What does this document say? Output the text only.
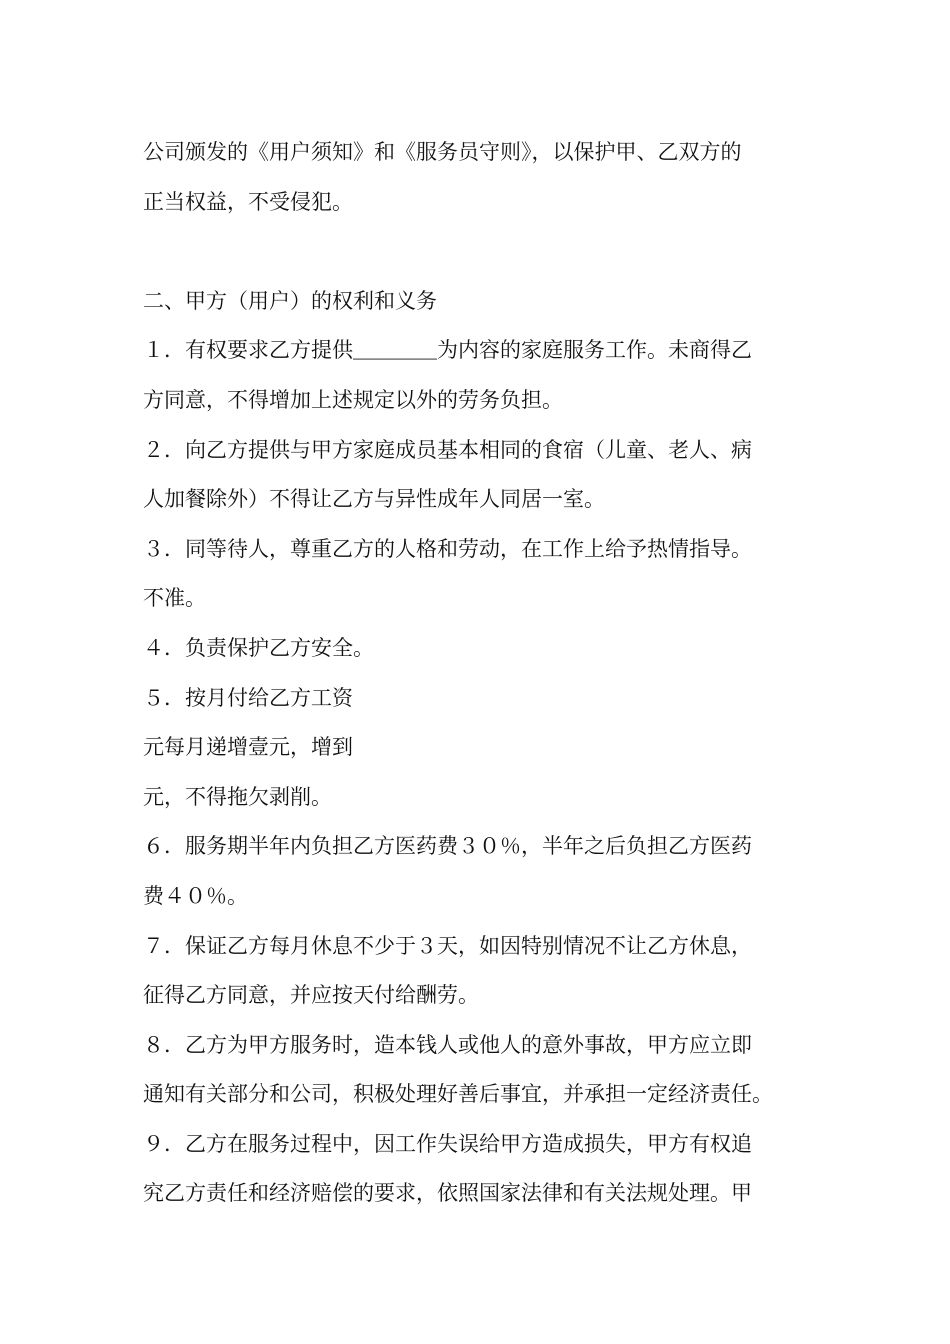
公司颁发的《用户须知》和《服务员守则》，以保护甲、乙双方的
正当权益，不受侵犯。
二、甲方（用户）的权利和义务
１．有权要求乙方提供＿＿＿＿为内容的家庭服务工作。未商得乙
方同意，不得增加上述规定以外的劳务负担。
２．向乙方提供与甲方家庭成员基本相同的食宿（儿童、老人、病
人加餐除外）不得让乙方与异性成年人同居一室。
３．同等待人，尊重乙方的人格和劳动，在工作上给予热情指导。
不准。
４．负责保护乙方安全。
５．按月付给乙方工资
元每月递增壹元，增到
元，不得拖欠剥削。
６．服务期半年内负担乙方医药费３０％，半年之后负担乙方医药
费４０％。
７．保证乙方每月休息不少于３天，如因特别情况不让乙方休息，
征得乙方同意，并应按天付给酬劳。
８．乙方为甲方服务时，造本钱人或他人的意外事故，甲方应立即
通知有关部分和公司，积极处理好善后事宜，并承担一定经济责任。
９．乙方在服务过程中，因工作失误给甲方造成损失，甲方有权追
究乙方责任和经济赔偿的要求，依照国家法律和有关法规处理。甲
